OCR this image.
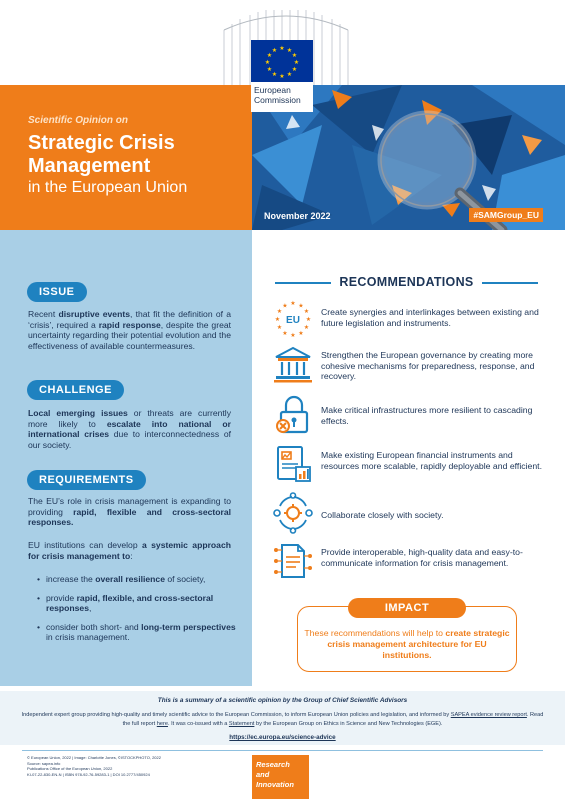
★ ★
★
★
★
★
★
★
★
★
★
★
European
Commission
Scientific Opinion on
Strategic Crisis
Management
in the European Union
November 2022	#SAMGroup_EU
ISSUE
Recent disruptive events, that fit the definition of a ‘crisis’, required a rapid response, despite the great uncertainty regarding their potential evolution and the effectiveness of available countermeasures.
CHALLENGE
Local emerging issues or threats are currently more likely to escalate into national or international crises due to interconnectedness of our society.
REQUIREMENTS
The EU’s role in crisis management is expanding to providing rapid, flexible and cross-sectoral responses.
EU institutions can develop a systemic approach for crisis management to:
• increase the overall resilience of society,
• provide rapid, flexible, and cross-sectoral responses,
• consider both short- and long-term perspectives in crisis management.
RECOMMENDATIONS
★ ★
★
★
★
★
★
★
★
★
★
★
EU
Create synergies and interlinkages between existing and future legislation and instruments.
Strengthen the European governance by creating more cohesive mechanisms for preparedness, response, and recovery.
Make critical infrastructures more resilient to cascading effects.
Make existing European financial instruments and resources more scalable, rapidly deployable and efficient.
Collaborate closely with society.
Provide interoperable, high-quality data and easy-to-communicate information for crisis management.
IMPACT
These recommendations will help to create strategic crisis management architecture for EU institutions.
This is a summary of a scientific opinion by the Group of Chief Scientific Advisors
Independent expert group providing high-quality and timely scientific advice to the European Commission, to inform European Union policies and legislation, and informed by SAPEA evidence review report. Read the full report here. It was co-issued with a Statement by the European Group on Ethics in Science and New Technologies (EGE).
https://ec.europa.eu/science-advice
© European Union, 2022 | Image: Charlotte Jones, ©ISTOCKPHOTO, 2022
Source: sapea.info
Publications Office of the European Union, 2022
KI-07-22-830-EN-N | ISBN 978-92-76-59283-1 | DOI 10.2777/450924
Research and
Innovation
